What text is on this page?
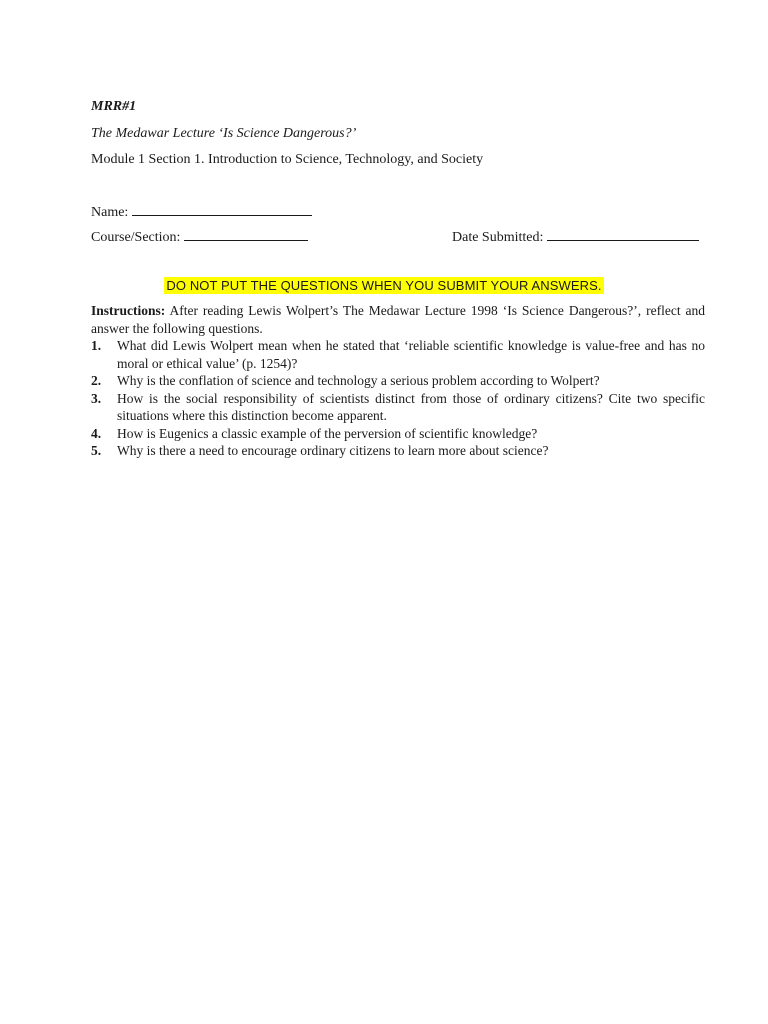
MRR#1
The Medawar Lecture ‘Is Science Dangerous?’
Module 1 Section 1. Introduction to Science, Technology, and Society
Name:
Course/Section:	Date Submitted:
DO NOT PUT THE QUESTIONS WHEN YOU SUBMIT YOUR ANSWERS.
Instructions: After reading Lewis Wolpert’s The Medawar Lecture 1998 ‘Is Science Dangerous?’, reflect and answer the following questions.
1. What did Lewis Wolpert mean when he stated that ‘reliable scientific knowledge is value-free and has no moral or ethical value’ (p. 1254)?
2. Why is the conflation of science and technology a serious problem according to Wolpert?
3. How is the social responsibility of scientists distinct from those of ordinary citizens? Cite two specific situations where this distinction become apparent.
4. How is Eugenics a classic example of the perversion of scientific knowledge?
5. Why is there a need to encourage ordinary citizens to learn more about science?
